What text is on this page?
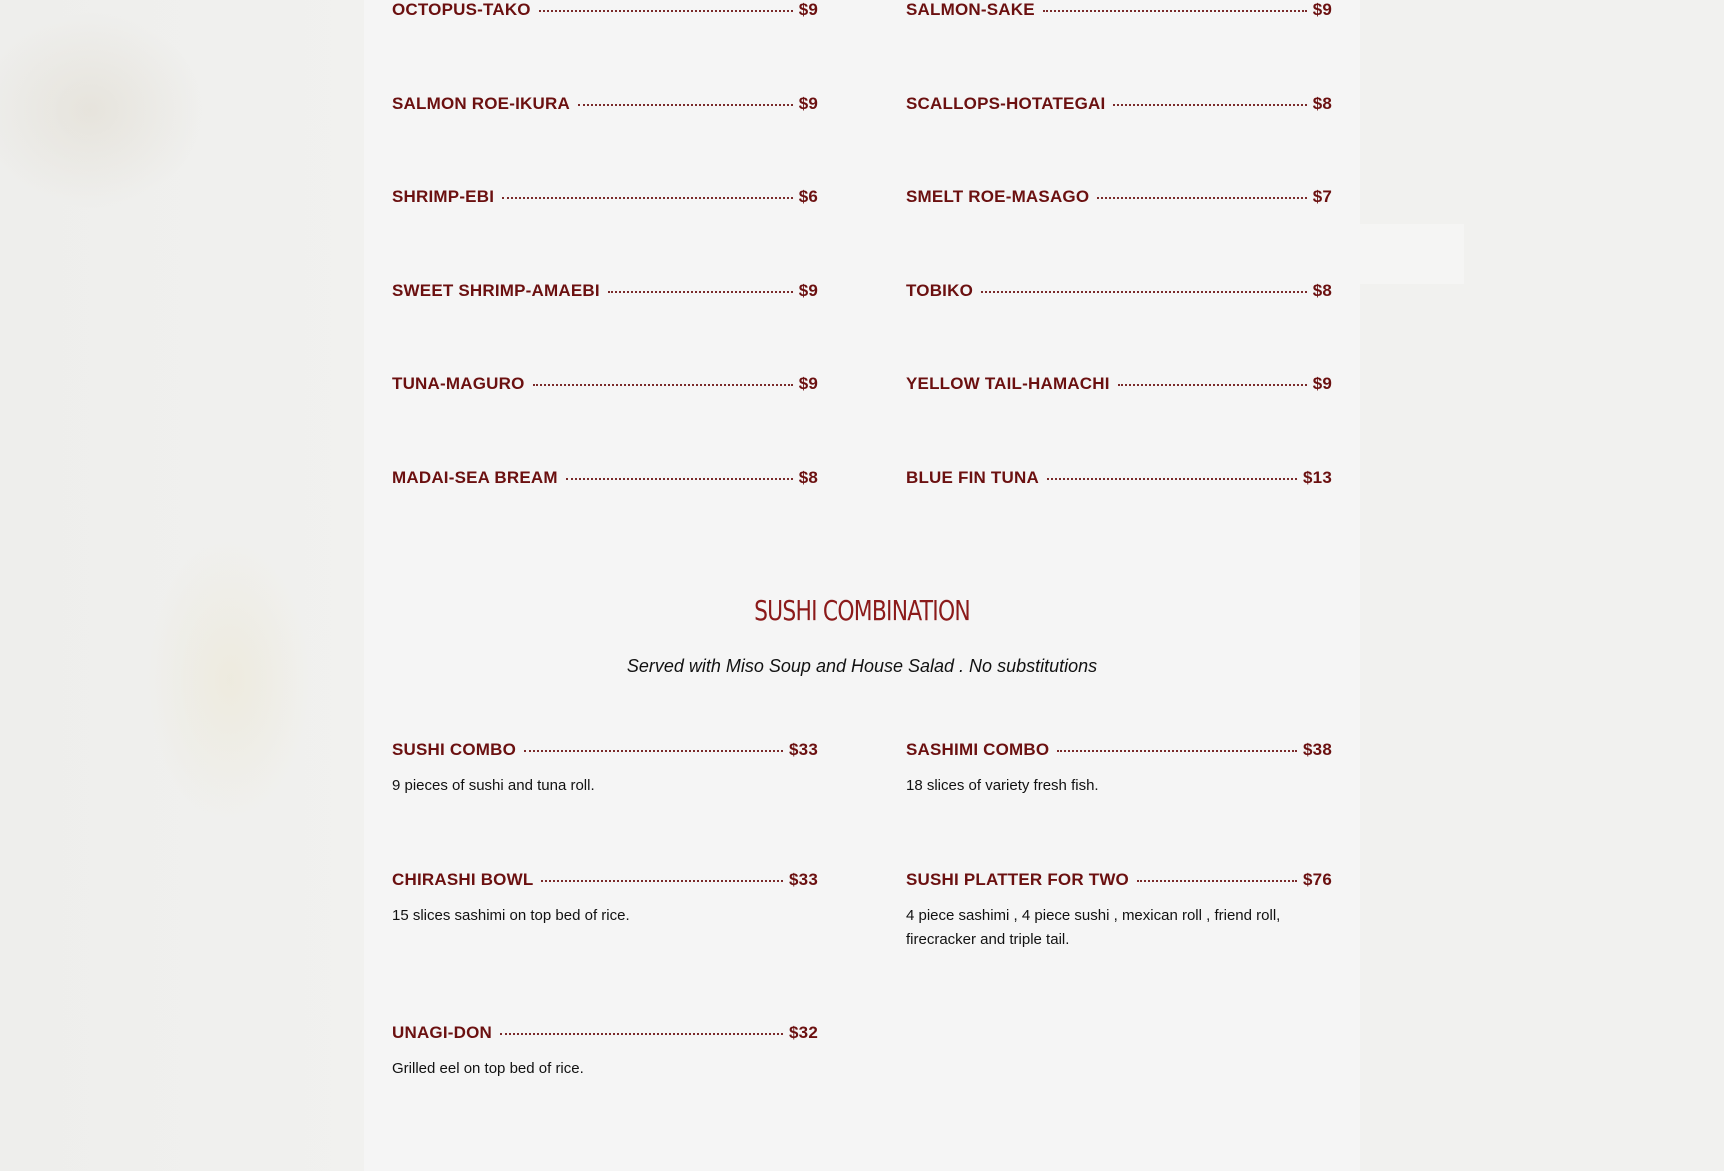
OCTOPUS-TAKO	$9
SALMON ROE-IKURA	$9
SHRIMP-EBI	$6
SWEET SHRIMP-AMAEBI	$9
TUNA-MAGURO	$9
MADAI-SEA BREAM	$8
SALMON-SAKE	$9
SCALLOPS-HOTATEGAI	$8
SMELT ROE-MASAGO	$7
TOBIKO	$8
YELLOW TAIL-HAMACHI	$9
BLUE FIN TUNA	$13
SUSHI COMBINATION
Served with Miso Soup and House Salad . No substitutions
SUSHI COMBO	$33
9 pieces of sushi and tuna roll.
SASHIMI COMBO	$38
18 slices of variety fresh fish.
CHIRASHI BOWL	$33
15 slices sashimi on top bed of rice.
SUSHI PLATTER FOR TWO	$76
4 piece sashimi , 4 piece sushi , mexican roll , friend roll, firecracker and triple tail.
UNAGI-DON	$32
Grilled eel on top bed of rice.
